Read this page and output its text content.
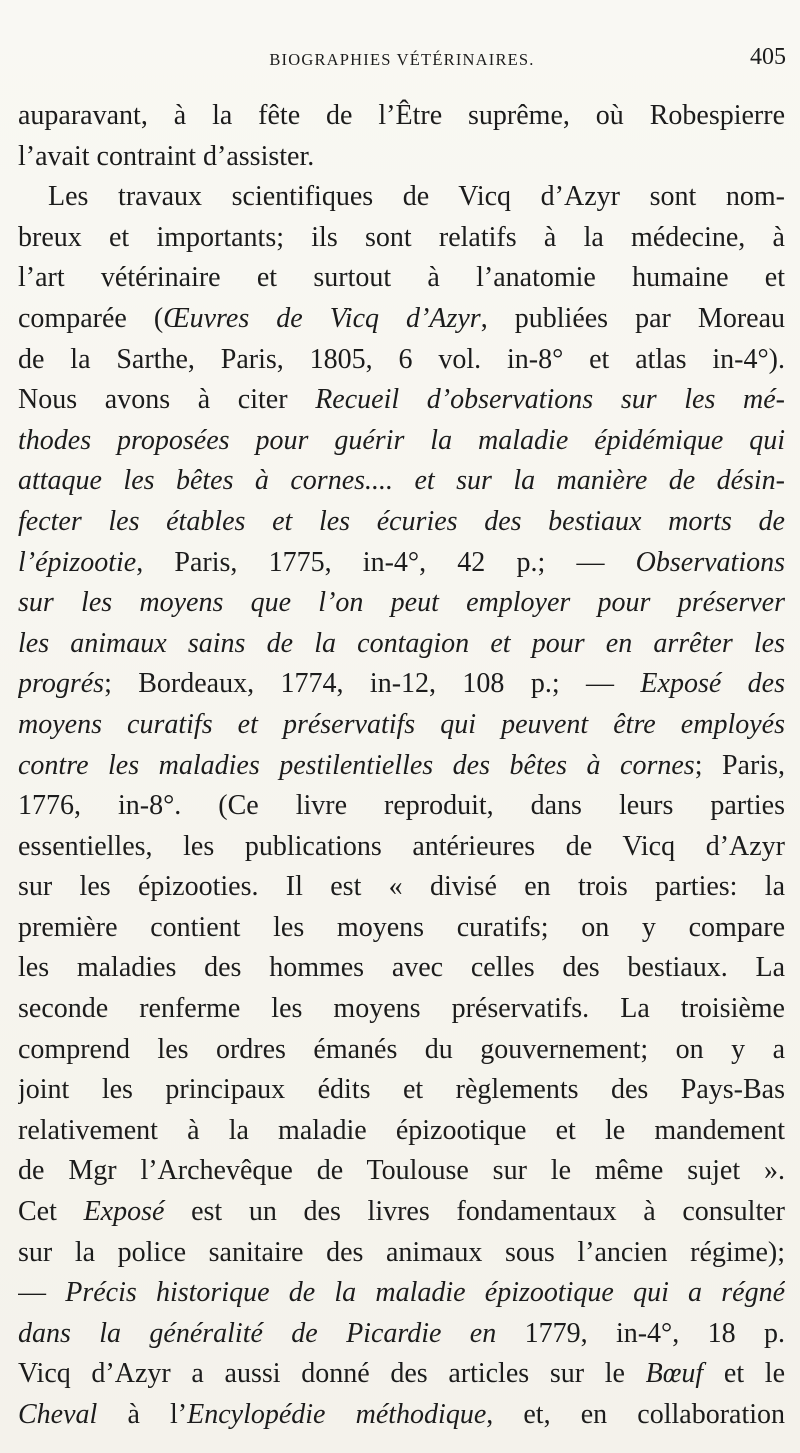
BIOGRAPHIES VÉTÉRINAIRES.	405
auparavant, à la fête de l’Être suprême, où Robespierre
l’avait contraint d’assister.
Les travaux scientifiques de Vicq d’Azyr sont nom-
breux et importants; ils sont relatifs à la médecine, à
l’art vétérinaire et surtout à l’anatomie humaine et
comparée (Œuvres de Vicq d’Azyr, publiées par Moreau
de la Sarthe, Paris, 1805, 6 vol. in-8° et atlas in-4°).
Nous avons à citer Recueil d’observations sur les mé-
thodes proposées pour guérir la maladie épidémique qui
attaque les bêtes à cornes.... et sur la manière de désin-
fecter les étables et les écuries des bestiaux morts de
l’épizootie, Paris, 1775, in-4°, 42 p.; — Observations
sur les moyens que l’on peut employer pour préserver
les animaux sains de la contagion et pour en arrêter les
progrés; Bordeaux, 1774, in-12, 108 p.; — Exposé des
moyens curatifs et préservatifs qui peuvent être employés
contre les maladies pestilentielles des bêtes à cornes; Paris,
1776, in-8°. (Ce livre reproduit, dans leurs parties
essentielles, les publications antérieures de Vicq d’Azyr
sur les épizooties. Il est « divisé en trois parties: la
première contient les moyens curatifs; on y compare
les maladies des hommes avec celles des bestiaux. La
seconde renferme les moyens préservatifs. La troisième
comprend les ordres émanés du gouvernement; on y a
joint les principaux édits et règlements des Pays-Bas
relativement à la maladie épizootique et le mandement
de Mgr l’Archevêque de Toulouse sur le même sujet ».
Cet Exposé est un des livres fondamentaux à consulter
sur la police sanitaire des animaux sous l’ancien régime);
— Précis historique de la maladie épizootique qui a régné
dans la généralité de Picardie en 1779, in-4°, 18 p.
Vicq d’Azyr a aussi donné des articles sur le Bœuf et le
Cheval à l’Encylopédie méthodique, et, en collaboration
